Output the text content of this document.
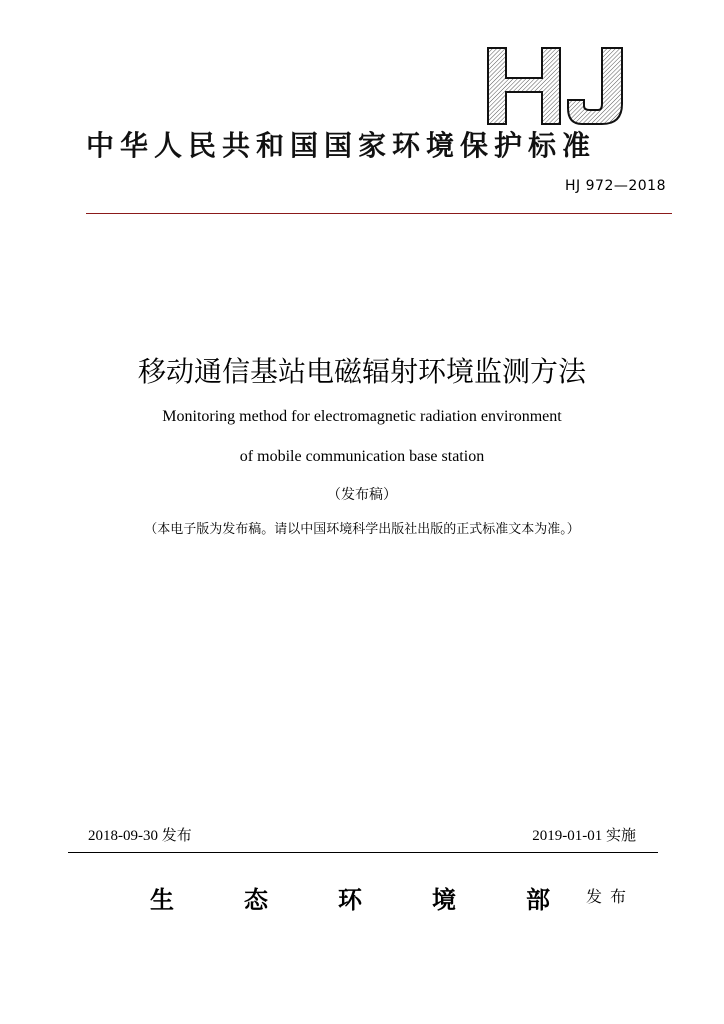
中华人民共和国国家环境保护标准
HJ 972—2018
移动通信基站电磁辐射环境监测方法
Monitoring method for electromagnetic radiation environment
of mobile communication base station
（发布稿）
（本电子版为发布稿。请以中国环境科学出版社出版的正式标准文本为准。）
2018-09-30 发布	2019-01-01 实施
生	态	环	境	部 发布
